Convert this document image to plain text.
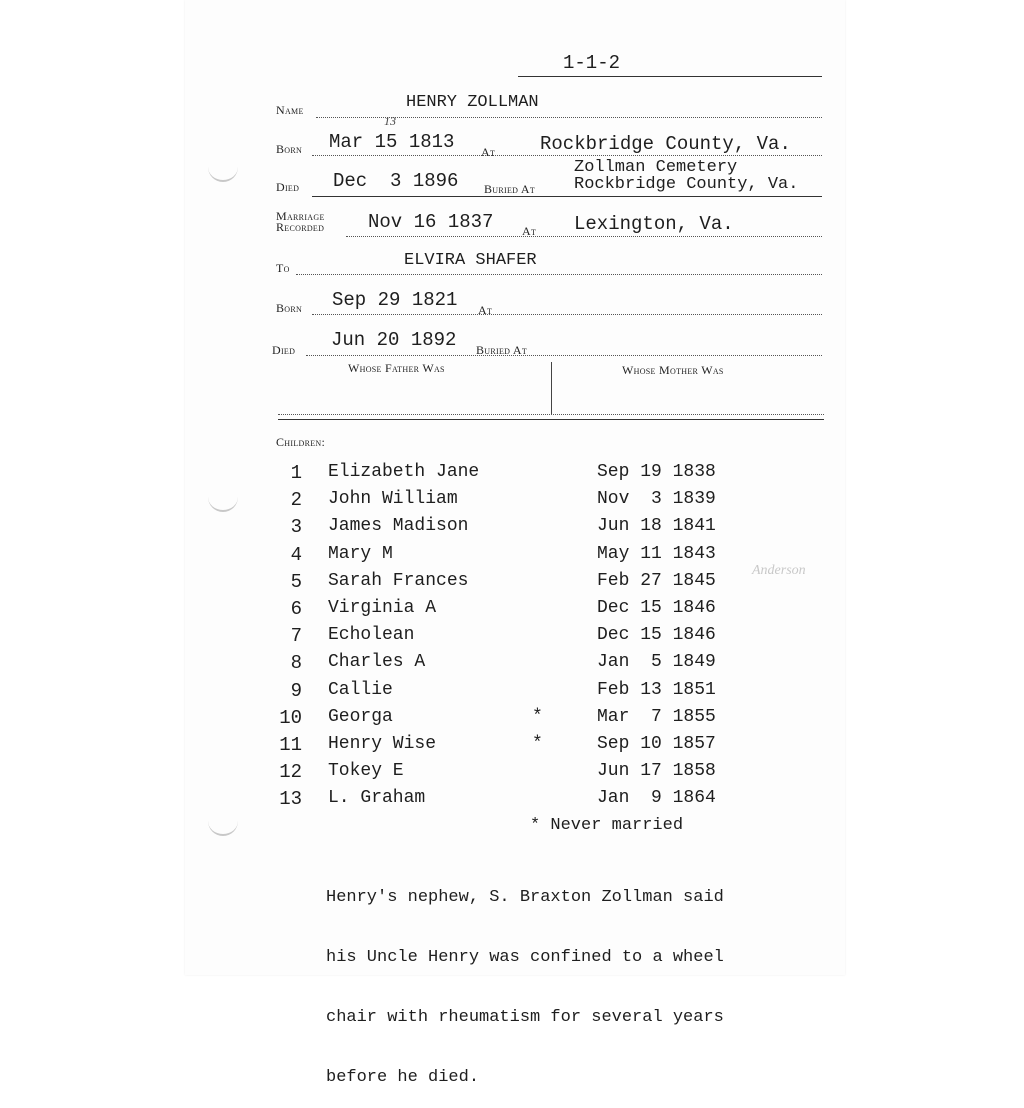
1-1-2
Name	HENRY ZOLLMAN
Born
13
Mar 15 1813 At Rockbridge County, Va.
Died Dec  3 1896 Buried At
Zollman Cemetery
Rockbridge County, Va.
Marriage
Recorded Nov 16 1837 At Lexington, Va.
To	ELVIRA SHAFER
Born Sep 29 1821 At
Died Jun 20 1892 Buried At
Whose Father Was	Whose Mother Was
Children:
1 Elizabeth Jane	Sep 19 1838
2 John William	Nov  3 1839
3 James Madison	Jun 18 1841
4 Mary M	May 11 1843
5 Sarah Frances	Feb 27 1845
6 Virginia A	Dec 15 1846
7 Echolean	Dec 15 1846
8 Charles A	Jan  5 1849
9 Callie	Feb 13 1851
10 Georga	*	Mar  7 1855
11 Henry Wise	*	Sep 10 1857
12 Tokey E	Jun 17 1858
13 L. Graham	Jan  9 1864
Anderson
* Never married

Henry's nephew, S. Braxton Zollman said

his Uncle Henry was confined to a wheel

chair with rheumatism for several years

before he died.
